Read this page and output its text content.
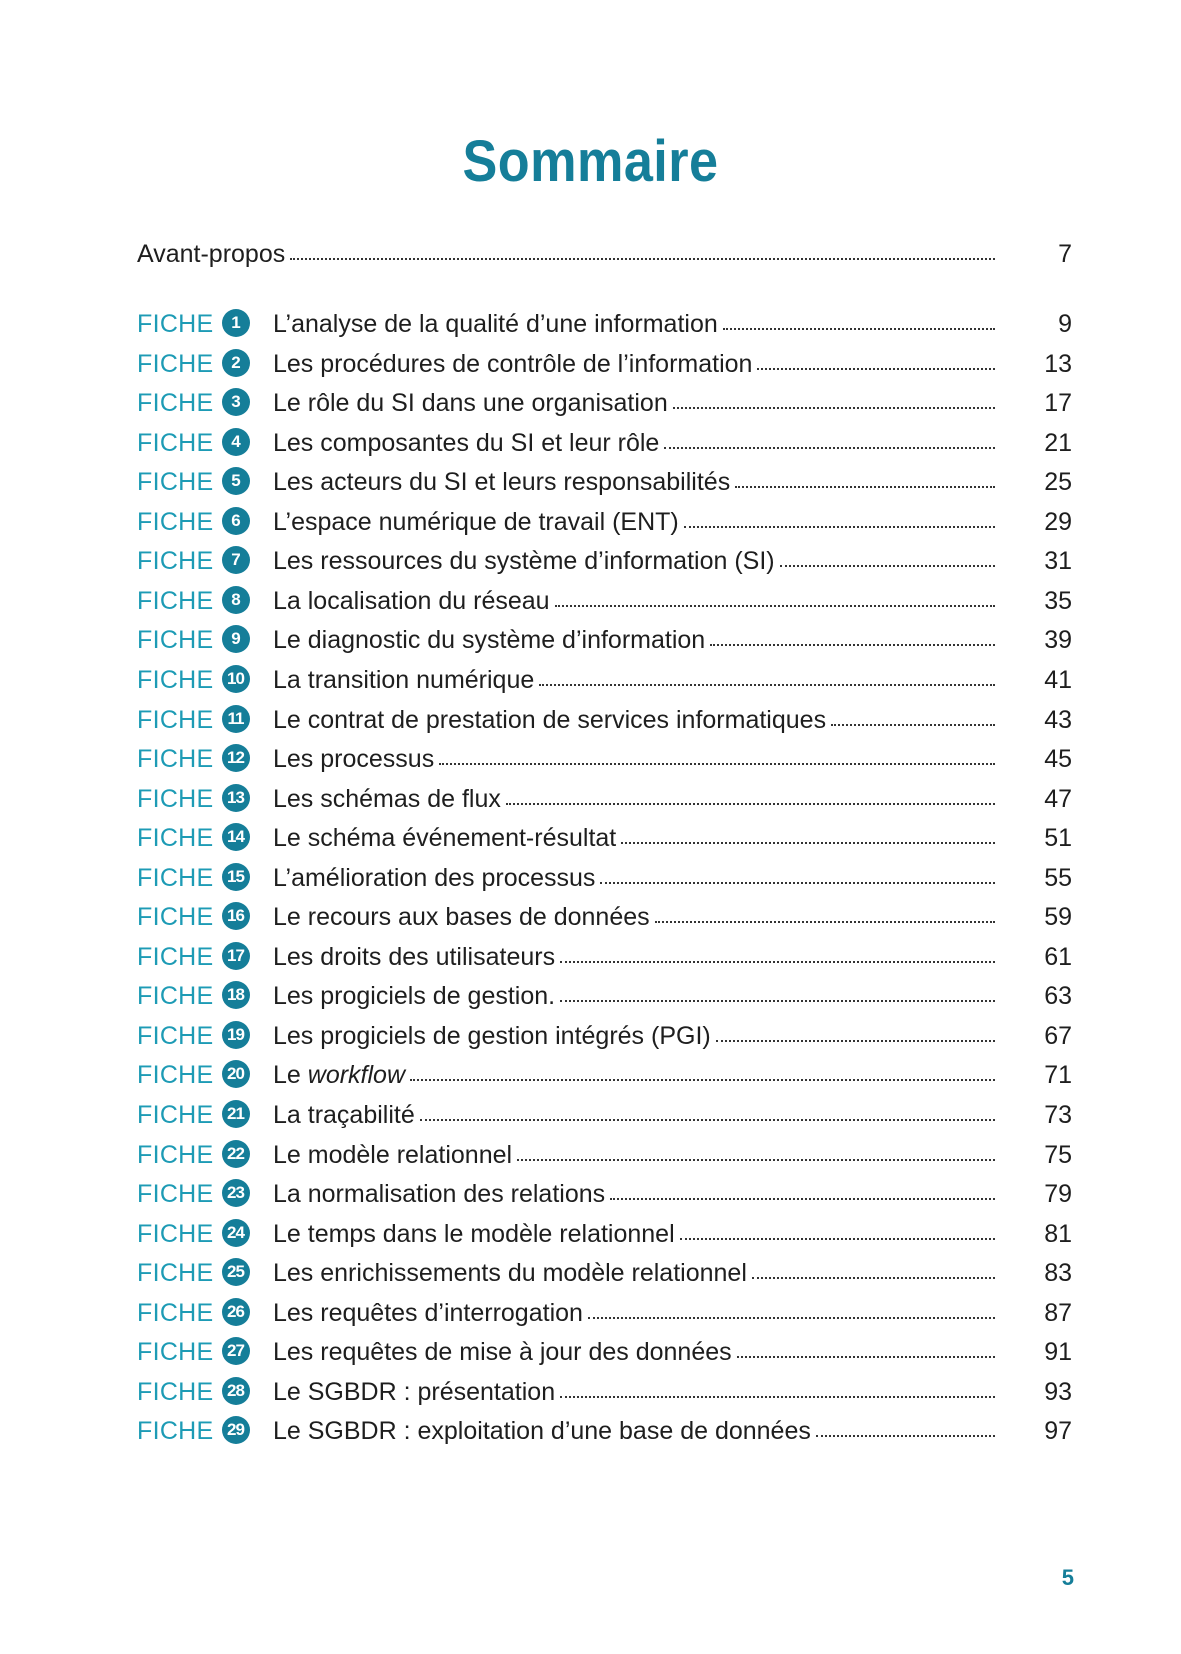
Sommaire
Avant-propos	7
FICHE	1	L’analyse de la qualité d’une information	9
FICHE	2	Les procédures de contrôle de l’information	13
FICHE	3	Le rôle du SI dans une organisation	17
FICHE	4	Les composantes du SI et leur rôle	21
FICHE	5	Les acteurs du SI et leurs responsabilités	25
FICHE	6	L’espace numérique de travail (ENT)	29
FICHE	7	Les ressources du système d’information (SI)	31
FICHE	8	La localisation du réseau	35
FICHE	9	Le diagnostic du système d’information	39
FICHE 10 La transition numérique	41
FICHE 11 Le contrat de prestation de services informatiques	43
FICHE 12 Les processus	45
FICHE 13 Les schémas de flux	47
FICHE 14 Le schéma événement-résultat	51
FICHE 15 L’amélioration des processus	55
FICHE 16 Le recours aux bases de données	59
FICHE 17 Les droits des utilisateurs	61
FICHE 18 Les progiciels de gestion.	63
FICHE 19 Les progiciels de gestion intégrés (PGI)	67
FICHE 20 Le workflow	71
FICHE 21 La traçabilité	73
FICHE 22 Le modèle relationnel	75
FICHE 23 La normalisation des relations	79
FICHE 24 Le temps dans le modèle relationnel	81
FICHE 25 Les enrichissements du modèle relationnel	83
FICHE 26 Les requêtes d’interrogation	87
FICHE 27 Les requêtes de mise à jour des données	91
FICHE 28 Le SGBDR : présentation	93
FICHE 29 Le SGBDR : exploitation d’une base de données	97
5
